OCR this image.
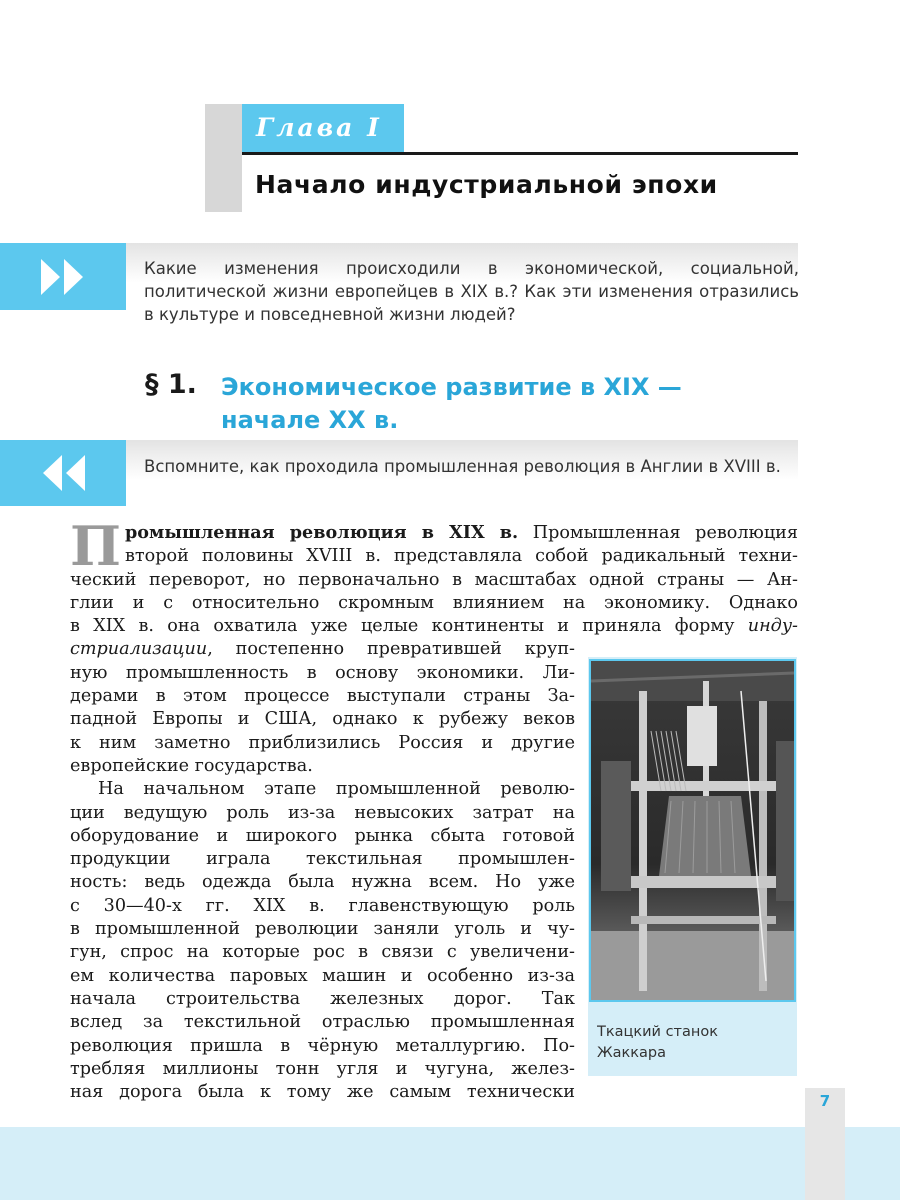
Глава I
Начало индустриальной эпохи
Какие изменения происходили в экономической, социальной, политической жизни европейцев в XIX в.? Как эти изменения отразились в культуре и повседневной жизни людей?
§ 1. Экономическое развитие в XIX —
начале XX в.
Вспомните, как проходила промышленная революция в Англии в XVIII в.
П ромышленная революция в XIX в. Промышленная революция
второй половины XVIII в. представляла собой радикальный техни-
ческий переворот, но первоначально в масштабах одной страны — Ан-
глии и с относительно скромным влиянием на экономику. Однако
в XIX в. она охватила уже целые континенты и приняла форму инду-
стриализации, постепенно превратившей круп-
ную промышленность в основу экономики. Ли-
дерами в этом процессе выступали страны За-
падной Европы и США, однако к рубежу веков
к ним заметно приблизились Россия и другие
европейские государства.
На начальном этапе промышленной револю-
ции ведущую роль из-за невысоких затрат на
оборудование и широкого рынка сбыта готовой
продукции играла текстильная промышлен-
ность: ведь одежда была нужна всем. Но уже
с 30—40-х гг. XIX в. главенствующую роль
в промышленной революции заняли уголь и чу-
гун, спрос на которые рос в связи с увеличени-
ем количества паровых машин и особенно из-за
начала строительства железных дорог. Так
вслед за текстильной отраслью промышленная
революция пришла в чёрную металлургию. По-
требляя миллионы тонн угля и чугуна, желез-
ная дорога была к тому же самым технически
Ткацкий станок
Жаккара
7
